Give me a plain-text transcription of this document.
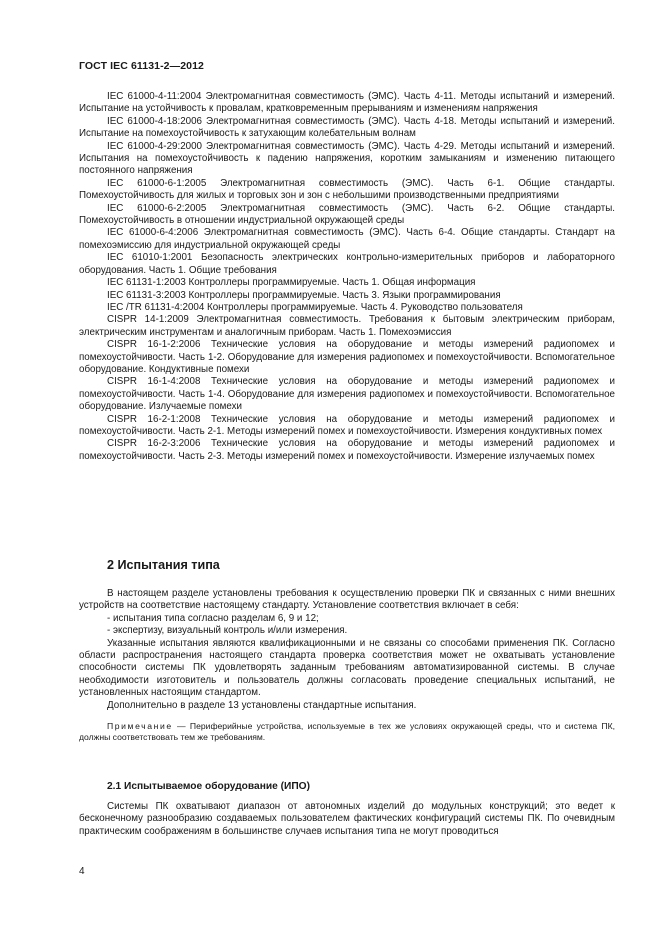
ГОСТ IEC 61131-2—2012

IEC 61000-4-11:2004 Электромагнитная совместимость (ЭМС). Часть 4-11. Методы испытаний и измерений. Испытание на устойчивость к провалам, кратковременным прерываниям и изменениям напряжения

IEC 61000-4-18:2006 Электромагнитная совместимость (ЭМС). Часть 4-18. Методы испытаний и измерений. Испытание на помехоустойчивость к затухающим колебательным волнам

IEC 61000-4-29:2000 Электромагнитная совместимость (ЭМС). Часть 4-29. Методы испытаний и измерений. Испытания на помехоустойчивость к падению напряжения, коротким замыканиям и изменению питающего постоянного напряжения

IEC 61000-6-1:2005 Электромагнитная совместимость (ЭМС). Часть 6-1. Общие стандарты. Помехоустойчивость для жилых и торговых зон и зон с небольшими производственными предприятиями

IEC 61000-6-2:2005 Электромагнитная совместимость (ЭМС). Часть 6-2. Общие стандарты. Помехоустойчивость в отношении индустриальной окружающей среды

IEC 61000-6-4:2006 Электромагнитная совместимость (ЭМС). Часть 6-4. Общие стандарты. Стандарт на помехоэмиссию для индустриальной окружающей среды

IEC 61010-1:2001 Безопасность электрических контрольно-измерительных приборов и лабораторного оборудования. Часть 1. Общие требования

IEC 61131-1:2003 Контроллеры программируемые. Часть 1. Общая информация

IEC 61131-3:2003 Контроллеры программируемые. Часть 3. Языки программирования

IEC /TR 61131-4:2004 Контроллеры программируемые. Часть 4. Руководство пользователя

CISPR 14-1:2009 Электромагнитная совместимость. Требования к бытовым электрическим приборам, электрическим инструментам и аналогичным приборам. Часть 1. Помехоэмиссия

CISPR 16-1-2:2006 Технические условия на оборудование и методы измерений радиопомех и помехоустойчивости. Часть 1-2. Оборудование для измерения радиопомех и помехоустойчивости. Вспомогательное оборудование. Кондуктивные помехи

CISPR 16-1-4:2008 Технические условия на оборудование и методы измерений радиопомех и помехоустойчивости. Часть 1-4. Оборудование для измерения радиопомех и помехоустойчивости. Вспомогательное оборудование. Излучаемые помехи

CISPR 16-2-1:2008 Технические условия на оборудование и методы измерений радиопомех и помехоустойчивости. Часть 2-1. Методы измерений помех и помехоустойчивости. Измерения кондуктивных помех

CISPR 16-2-3:2006 Технические условия на оборудование и методы измерений радиопомех и помехоустойчивости. Часть 2-3. Методы измерений помех и помехоустойчивости. Измерение излучаемых помех

2 Испытания типа

В настоящем разделе установлены требования к осуществлению проверки ПК и связанных с ними внешних устройств на соответствие настоящему стандарту. Установление соответствия включает в себя:

- испытания типа согласно разделам 6, 9 и 12;

- экспертизу, визуальный контроль и/или измерения.

Указанные испытания являются квалификационными и не связаны со способами применения ПК. Согласно области распространения настоящего стандарта проверка соответствия может не охватывать установление способности системы ПК удовлетворять заданным требованиям автоматизированной системы. В случае необходимости изготовитель и пользователь должны согласовать проведение специальных испытаний, не установленных настоящим стандартом.

Дополнительно в разделе 13 установлены стандартные испытания.

Примечание — Периферийные устройства, используемые в тех же условиях окружающей среды, что и система ПК, должны соответствовать тем же требованиям.

2.1 Испытываемое оборудование (ИПО)

Системы ПК охватывают диапазон от автономных изделий до модульных конструкций; это ведет к бесконечному разнообразию создаваемых пользователем фактических конфигураций системы ПК. По очевидным практическим соображениям в большинстве случаев испытания типа не могут проводиться

4
